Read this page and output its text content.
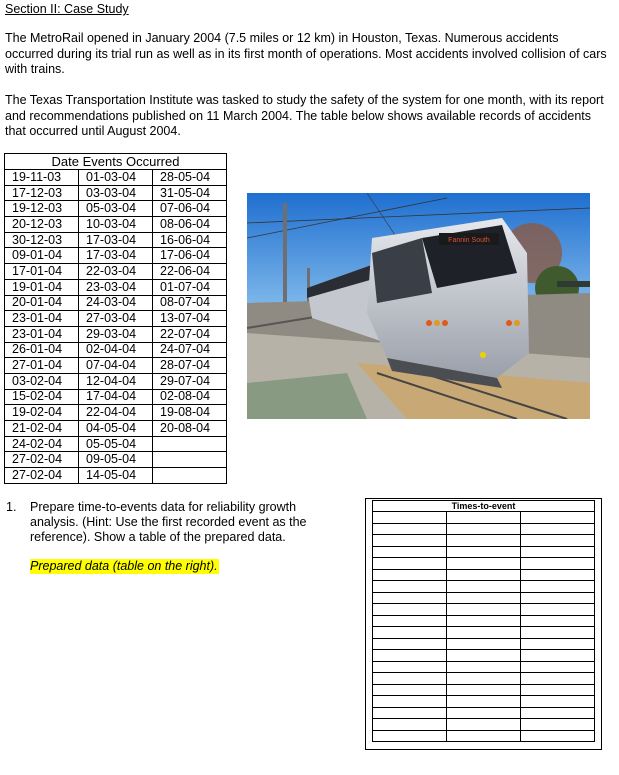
Section II: Case Study
The MetroRail opened in January 2004 (7.5 miles or 12 km) in Houston, Texas. Numerous accidents occurred during its trial run as well as in its first month of operations. Most accidents involved collision of cars with trains.
The Texas Transportation Institute was tasked to study the safety of the system for one month, with its report and recommendations published on 11 March 2004. The table below shows available records of accidents that occurred until August 2004.
Date Events Occurred		
19-11-03	01-03-04	28-05-04
17-12-03	03-03-04	31-05-04
19-12-03	05-03-04	07-06-04
20-12-03	10-03-04	08-06-04
30-12-03	17-03-04	16-06-04
09-01-04	17-03-04	17-06-04
17-01-04	22-03-04	22-06-04
19-01-04	23-03-04	01-07-04
20-01-04	24-03-04	08-07-04
23-01-04	27-03-04	13-07-04
23-01-04	29-03-04	22-07-04
26-01-04	02-04-04	24-07-04
27-01-04	07-04-04	28-07-04
03-02-04	12-04-04	29-07-04
15-02-04	17-04-04	02-08-04
19-02-04	22-04-04	19-08-04
21-02-04	04-05-04	20-08-04
24-02-04	05-05-04	
27-02-04	09-05-04	
27-02-04	14-05-04	
Fannin South
1. Prepare time-to-events data for reliability growth analysis. (Hint: Use the first recorded event as the reference). Show a table of the prepared data.
Prepared data (table on the right).
Times-to-event		
